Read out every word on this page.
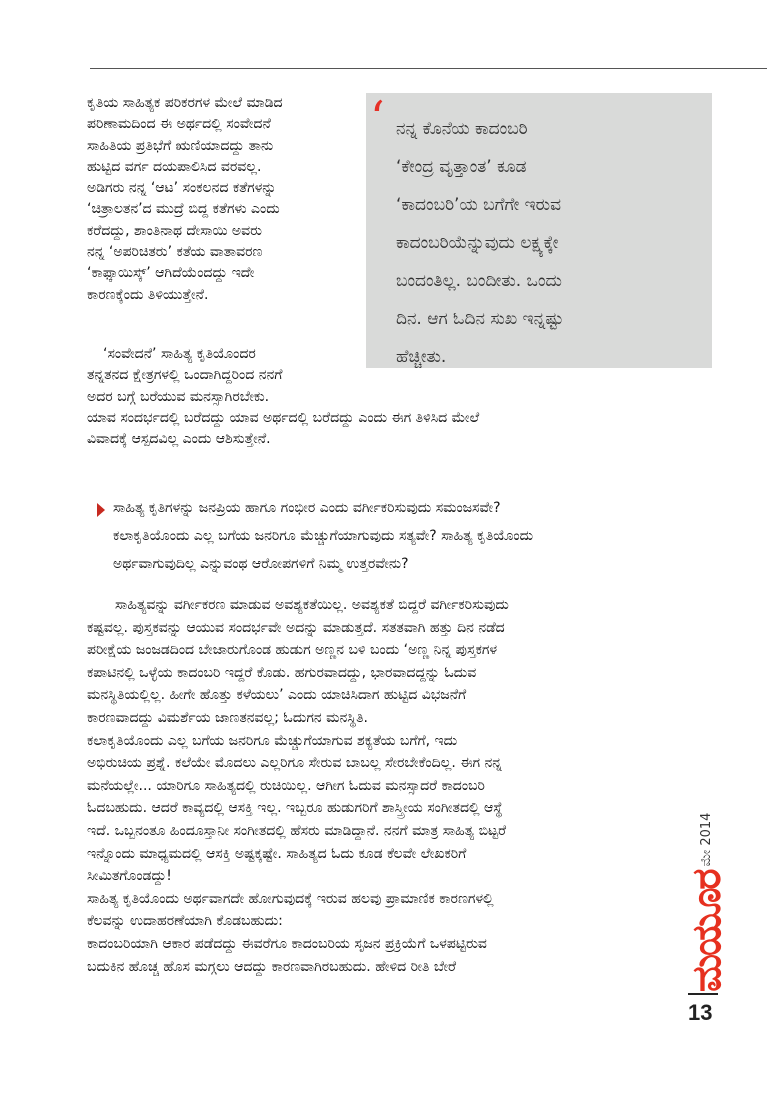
ಕೃತಿಯ ಸಾಹಿತ್ಯಕ ಪರಿಕರಗಳ ಮೇಲೆ ಮಾಡಿದ
ಪರಿಣಾಮದಿಂದ ಈ ಅರ್ಥದಲ್ಲಿ ಸಂವೇದನೆ
ಸಾಹಿತಿಯ ಪ್ರತಿಭೆಗೆ ಋಣಿಯಾದದ್ದು ತಾನು
ಹುಟ್ಟಿದ ವರ್ಗ ದಯಪಾಲಿಸಿದ ವರವಲ್ಲ.
ಅಡಿಗರು ನನ್ನ ‘ಆಟ’ ಸಂಕಲನದ ಕತೆಗಳನ್ನು
‘ಚಿತ್ರಾಲತನ’ದ ಮುದ್ರೆ ಬಿದ್ದ ಕತೆಗಳು ಎಂದು
ಕರೆದದ್ದು, ಶಾಂತಿನಾಥ ದೇಸಾಯಿ ಅವರು
ನನ್ನ ‘ಅಪರಿಚಿತರು’ ಕತೆಯ ವಾತಾವರಣ
‘ಕಾಫ್ಕಾಯಿಸ್ಕ್’ ಆಗಿದೆಯೆಂದದ್ದು ಇದೇ
ಕಾರಣಕ್ಕೆಂದು ತಿಳಿಯುತ್ತೇನೆ.
‘ಸಂವೇದನೆ’ ಸಾಹಿತ್ಯ ಕೃತಿಯೊಂದರ
ತನ್ನತನದ ಕ್ಷೇತ್ರಗಳಲ್ಲಿ ಒಂದಾಗಿದ್ದರಿಂದ ನನಗೆ
ಅದರ ಬಗ್ಗೆ ಬರೆಯುವ ಮನಸ್ಸಾಗಿರಬೇಕು.
ಯಾವ ಸಂದರ್ಭದಲ್ಲಿ ಬರೆದದ್ದು ಯಾವ ಅರ್ಥದಲ್ಲಿ ಬರೆದದ್ದು ಎಂದು ಈಗ ತಿಳಿಸಿದ ಮೇಲೆ
ವಿವಾದಕ್ಕೆ ಆಸ್ಪದವಿಲ್ಲ ಎಂದು ಆಶಿಸುತ್ತೇನೆ.
‘ ನನ್ನ ಕೊನೆಯ ಕಾದಂಬರಿ
‘ಕೇಂದ್ರ ವೃತ್ತಾಂತ’ ಕೂಡ
‘ಕಾದಂಬರಿ’ಯ ಬಗೆಗೇ ಇರುವ
ಕಾದಂಬರಿಯೆನ್ನುವುದು ಲಕ್ಷ್ಯಕ್ಕೇ
ಬಂದಂತಿಲ್ಲ. ಬಂದೀತು. ಒಂದು
ದಿನ. ಆಗ ಓದಿನ ಸುಖ ಇನ್ನಷ್ಟು
ಹೆಚ್ಚೀತು.
ಸಾಹಿತ್ಯ ಕೃತಿಗಳನ್ನು ಜನಪ್ರಿಯ ಹಾಗೂ ಗಂಭೀರ ಎಂದು ವರ್ಗೀಕರಿಸುವುದು ಸಮಂಜಸವೇ?
ಕಲಾಕೃತಿಯೊಂದು ಎಲ್ಲ ಬಗೆಯ ಜನರಿಗೂ ಮೆಚ್ಚುಗೆಯಾಗುವುದು ಸತ್ಯವೇ? ಸಾಹಿತ್ಯ ಕೃತಿಯೊಂದು
ಅರ್ಥವಾಗುವುದಿಲ್ಲ ಎನ್ನುವಂಥ ಆರೋಪಗಳಿಗೆ ನಿಮ್ಮ ಉತ್ತರವೇನು?
ಸಾಹಿತ್ಯವನ್ನು ವರ್ಗೀಕರಣ ಮಾಡುವ ಅವಶ್ಯಕತೆಯಿಲ್ಲ. ಅವಶ್ಯಕತೆ ಬಿದ್ದರೆ ವರ್ಗೀಕರಿಸುವುದು
ಕಷ್ಟವಲ್ಲ. ಪುಸ್ತಕವನ್ನು ಆಯುವ ಸಂದರ್ಭವೇ ಅದನ್ನು ಮಾಡುತ್ತದೆ. ಸತತವಾಗಿ ಹತ್ತು ದಿನ ನಡೆದ
ಪರೀಕ್ಷೆಯ ಜಂಜಡದಿಂದ ಬೇಜಾರುಗೊಂಡ ಹುಡುಗ ಅಣ್ಣನ ಬಳಿ ಬಂದು ‘ಅಣ್ಣ ನಿನ್ನ ಪುಸ್ತಕಗಳ
ಕಪಾಟಿನಲ್ಲಿ ಒಳ್ಳೆಯ ಕಾದಂಬರಿ ಇದ್ದರೆ ಕೊಡು. ಹಗುರವಾದದ್ದು, ಭಾರವಾದದ್ದನ್ನು ಓದುವ
ಮನಸ್ಥಿತಿಯಲ್ಲಿಲ್ಲ. ಹೀಗೇ ಹೊತ್ತು ಕಳೆಯಲು’ ಎಂದು ಯಾಚಿಸಿದಾಗ ಹುಟ್ಟಿದ ವಿಭಜನೆಗೆ
ಕಾರಣವಾದದ್ದು ವಿಮರ್ಶೆಯ ಜಾಣತನವಲ್ಲ; ಓದುಗನ ಮನಸ್ಥಿತಿ.
ಕಲಾಕೃತಿಯೊಂದು ಎಲ್ಲ ಬಗೆಯ ಜನರಿಗೂ ಮೆಚ್ಚುಗೆಯಾಗುವ ಶಕ್ಯತೆಯ ಬಗೆಗೆ, ಇದು
ಅಭಿರುಚಿಯ ಪ್ರಶ್ನೆ. ಕಲೆಯೇ ಮೊದಲು ಎಲ್ಲರಿಗೂ ಸೇರುವ ಬಾಬಲ್ಲ ಸೇರಬೇಕೆಂದಿಲ್ಲ. ಈಗ ನನ್ನ
ಮನೆಯಲ್ಲೇ... ಯಾರಿಗೂ ಸಾಹಿತ್ಯದಲ್ಲಿ ರುಚಿಯಿಲ್ಲ. ಆಗೀಗ ಓದುವ ಮನಸ್ಸಾದರೆ ಕಾದಂಬರಿ
ಓದಬಹುದು. ಆದರೆ ಕಾವ್ಯದಲ್ಲಿ ಆಸಕ್ತಿ ಇಲ್ಲ. ಇಬ್ಬರೂ ಹುಡುಗರಿಗೆ ಶಾಸ್ತ್ರೀಯ ಸಂಗೀತದಲ್ಲಿ ಆಸ್ಥೆ
ಇದೆ. ಒಬ್ಬನಂತೂ ಹಿಂದೂಸ್ತಾನೀ ಸಂಗೀತದಲ್ಲಿ ಹೆಸರು ಮಾಡಿದ್ದಾನೆ. ನನಗೆ ಮಾತ್ರ ಸಾಹಿತ್ಯ ಬಿಟ್ಟರೆ
ಇನ್ನೊಂದು ಮಾಧ್ಯಮದಲ್ಲಿ ಆಸಕ್ತಿ ಅಷ್ಟಕ್ಕಷ್ಟೇ. ಸಾಹಿತ್ಯದ ಓದು ಕೂಡ ಕೆಲವೇ ಲೇಖಕರಿಗೆ
ಸೀಮಿತಗೊಂಡದ್ದು!
ಸಾಹಿತ್ಯ ಕೃತಿಯೊಂದು ಅರ್ಥವಾಗದೇ ಹೋಗುವುದಕ್ಕೆ ಇರುವ ಹಲವು ಪ್ರಾಮಾಣಿಕ ಕಾರಣಗಳಲ್ಲಿ
ಕೆಲವನ್ನು ಉದಾಹರಣೆಯಾಗಿ ಕೊಡಬಹುದು:
ಕಾದಂಬರಿಯಾಗಿ ಆಕಾರ ಪಡೆದದ್ದು ಈವರೆಗೂ ಕಾದಂಬರಿಯ ಸೃಜನ ಪ್ರಕ್ರಿಯೆಗೆ ಒಳಪಟ್ಟಿರುವ
ಬದುಕಿನ ಹೊಚ್ಚ ಹೊಸ ಮಗ್ಗಲು ಆದದ್ದು ಕಾರಣವಾಗಿರಬಹುದು. ಹೇಳಿದ ರೀತಿ ಬೇರೆ	ಮಯೂರ
ಮೇ 2014
13
